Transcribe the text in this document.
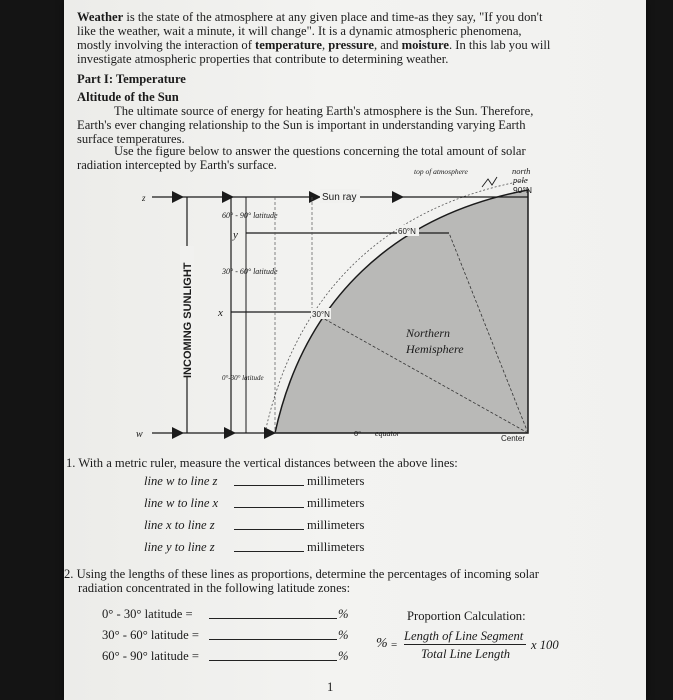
Weather is the state of the atmosphere at any given place and time-as they say, "If you don't
like the weather, wait a minute, it will change". It is a dynamic atmospheric phenomena,
mostly involving the interaction of temperature, pressure, and moisture. In this lab you will
investigate atmospheric properties that contribute to determining weather.
Part I: Temperature
Altitude of the Sun
The ultimate source of energy for heating Earth's atmosphere is the Sun. Therefore,
Earth's ever changing relationship to the Sun is important in understanding varying Earth
surface temperatures.
Use the figure below to answer the questions concerning the total amount of solar
radiation intercepted by Earth's surface.
Sun ray
top of atmosphere	north
pole
90°N
60°N
30°N
60° - 90° latitude
30° - 60° latitude
0°-30° latitude
z
y
x
w
INCOMING SUNLIGHT	Northern
Hemisphere
0° equator
Center
1. With a metric ruler, measure the vertical distances between the above lines:
line w to line z	millimeters
line w to line x	millimeters
line x to line z	millimeters
line y to line z	millimeters
2. Using the lengths of these lines as proportions, determine the percentages of incoming solar
radiation concentrated in the following latitude zones:
0° - 30° latitude =	%
30° - 60° latitude =	%
60° - 90° latitude =	%
Proportion Calculation:
% =
Length of Line Segment
Total Line Length
x 100
1
